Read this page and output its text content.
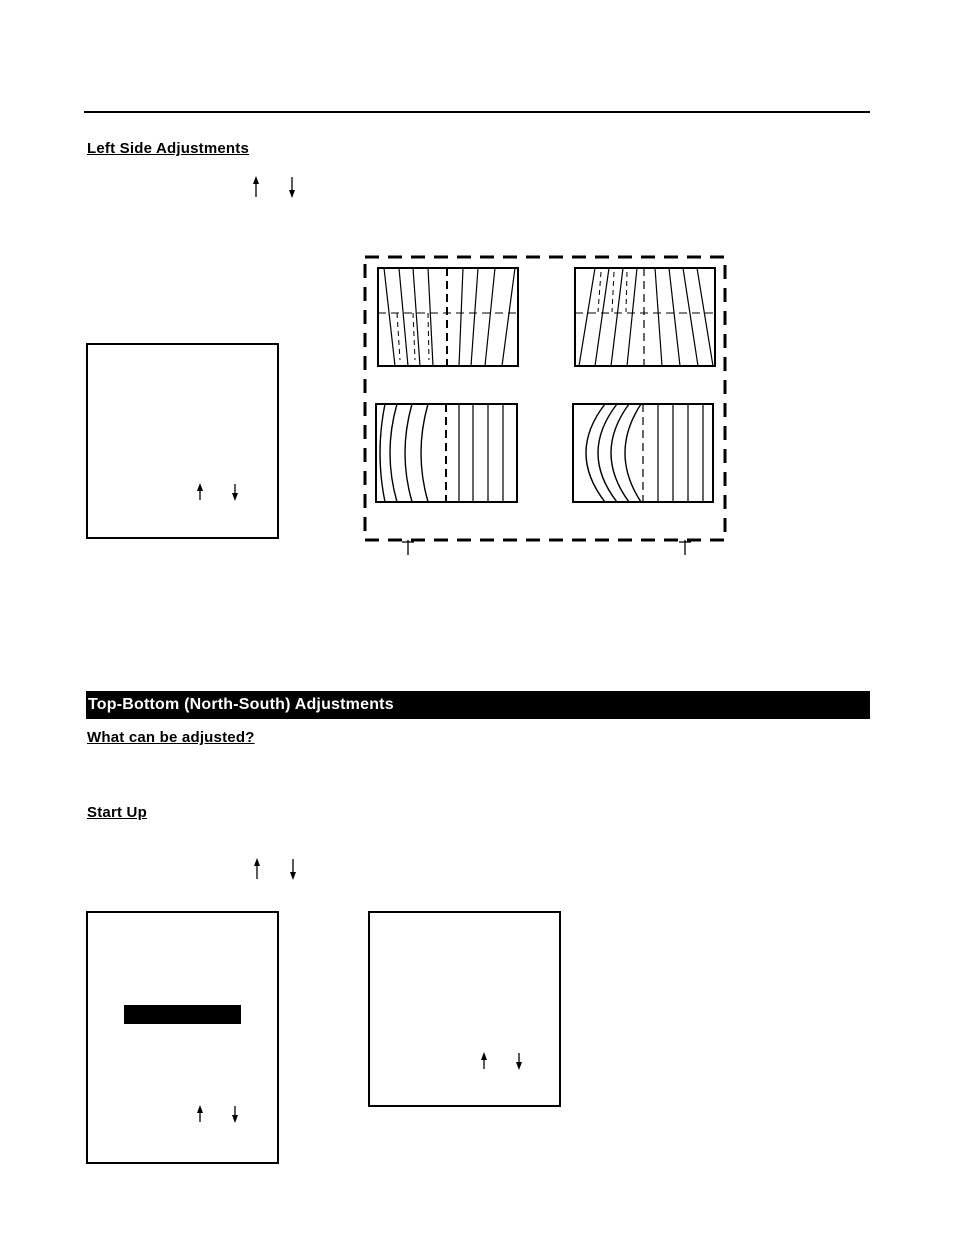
Left Side Adjustments
Top-Bottom (North-South) Adjustments
What can be adjusted?
Start Up
